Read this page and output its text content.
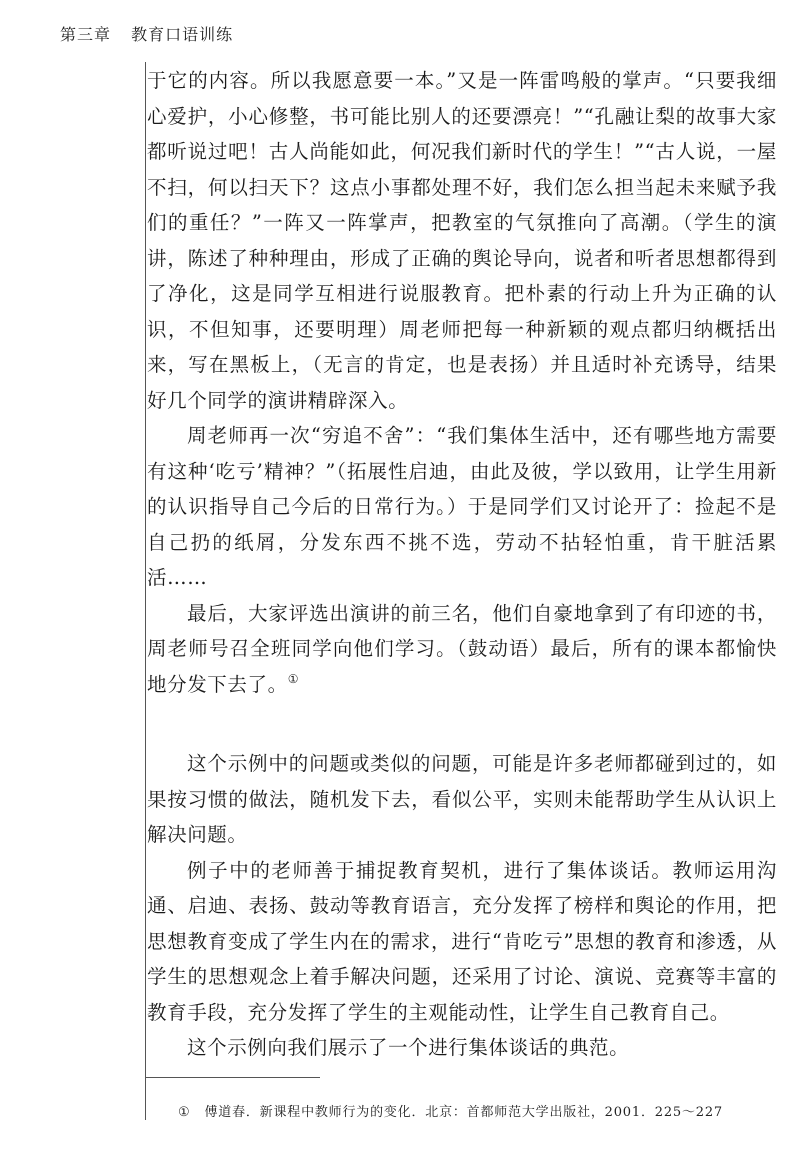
第三章 教育口语训练

于它的内容。所以我愿意要一本。”又是一阵雷鸣般的掌声。“只要我细心爱护，小心修整，书可能比别人的还要漂亮！”“孔融让梨的故事大家都听说过吧！古人尚能如此，何况我们新时代的学生！”“古人说，一屋不扫，何以扫天下？这点小事都处理不好，我们怎么担当起未来赋予我们的重任？”一阵又一阵掌声，把教室的气氛推向了高潮。（学生的演讲，陈述了种种理由，形成了正确的舆论导向，说者和听者思想都得到了净化，这是同学互相进行说服教育。把朴素的行动上升为正确的认识，不但知事，还要明理）周老师把每一种新颖的观点都归纳概括出来，写在黑板上，（无言的肯定，也是表扬）并且适时补充诱导，结果好几个同学的演讲精辟深入。

周老师再一次“穷追不舍”：“我们集体生活中，还有哪些地方需要有这种‘吃亏’精神？”（拓展性启迪，由此及彼，学以致用，让学生用新的认识指导自己今后的日常行为。）于是同学们又讨论开了：捡起不是自己扔的纸屑，分发东西不挑不选，劳动不拈轻怕重，肯干脏活累活……

最后，大家评选出演讲的前三名，他们自豪地拿到了有印迹的书，周老师号召全班同学向他们学习。（鼓动语）最后，所有的课本都愉快地分发下去了。①

这个示例中的问题或类似的问题，可能是许多老师都碰到过的，如果按习惯的做法，随机发下去，看似公平，实则未能帮助学生从认识上解决问题。

例子中的老师善于捕捉教育契机，进行了集体谈话。教师运用沟通、启迪、表扬、鼓动等教育语言，充分发挥了榜样和舆论的作用，把思想教育变成了学生内在的需求，进行“肯吃亏”思想的教育和渗透，从学生的思想观念上着手解决问题，还采用了讨论、演说、竞赛等丰富的教育手段，充分发挥了学生的主观能动性，让学生自己教育自己。

这个示例向我们展示了一个进行集体谈话的典范。

① 傅道春．新课程中教师行为的变化．北京：首都师范大学出版社，2001．225～227
